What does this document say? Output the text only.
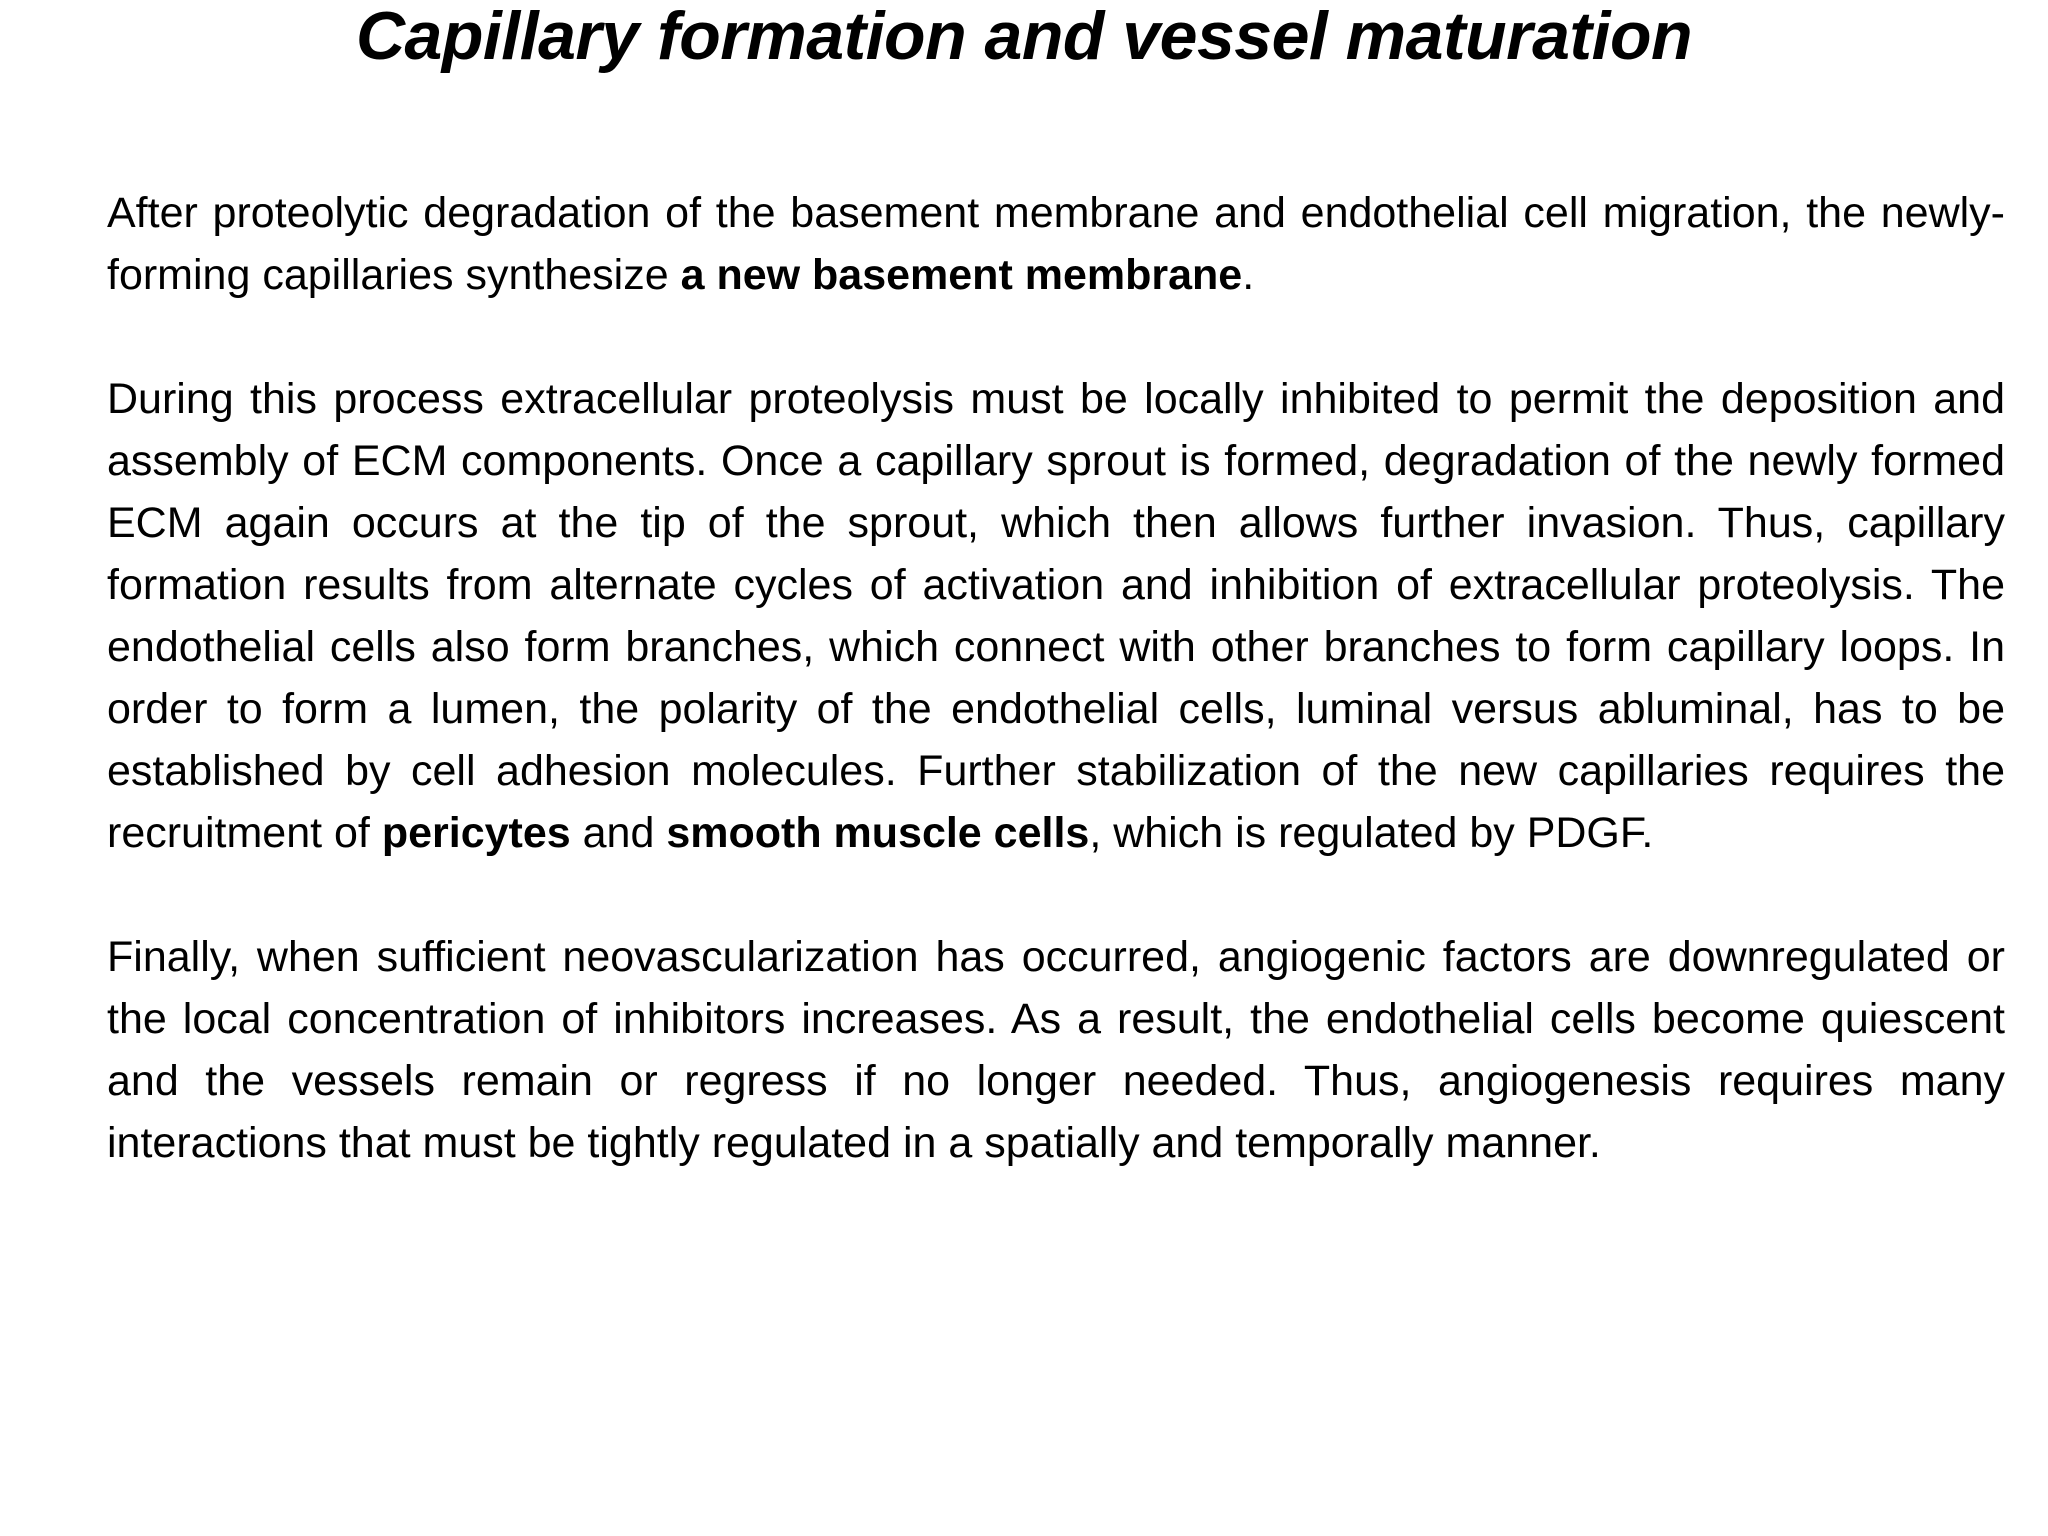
Capillary formation and vessel maturation

After proteolytic degradation of the basement membrane and endothelial cell migration, the newly-forming capillaries synthesize a new basement membrane.

During this process extracellular proteolysis must be locally inhibited to permit the deposition and assembly of ECM components. Once a capillary sprout is formed, degradation of the newly formed ECM again occurs at the tip of the sprout, which then allows further invasion. Thus, capillary formation results from alternate cycles of activation and inhibition of extracellular proteolysis. The endothelial cells also form branches, which connect with other branches to form capillary loops. In order to form a lumen, the polarity of the endothelial cells, luminal versus abluminal, has to be established by cell adhesion molecules. Further stabilization of the new capillaries requires the recruitment of pericytes and smooth muscle cells, which is regulated by PDGF.

Finally, when sufficient neovascularization has occurred, angiogenic factors are downregulated or the local concentration of inhibitors increases. As a result, the endothelial cells become quiescent and the vessels remain or regress if no longer needed. Thus, angiogenesis requires many interactions that must be tightly regulated in a spatially and temporally manner.
